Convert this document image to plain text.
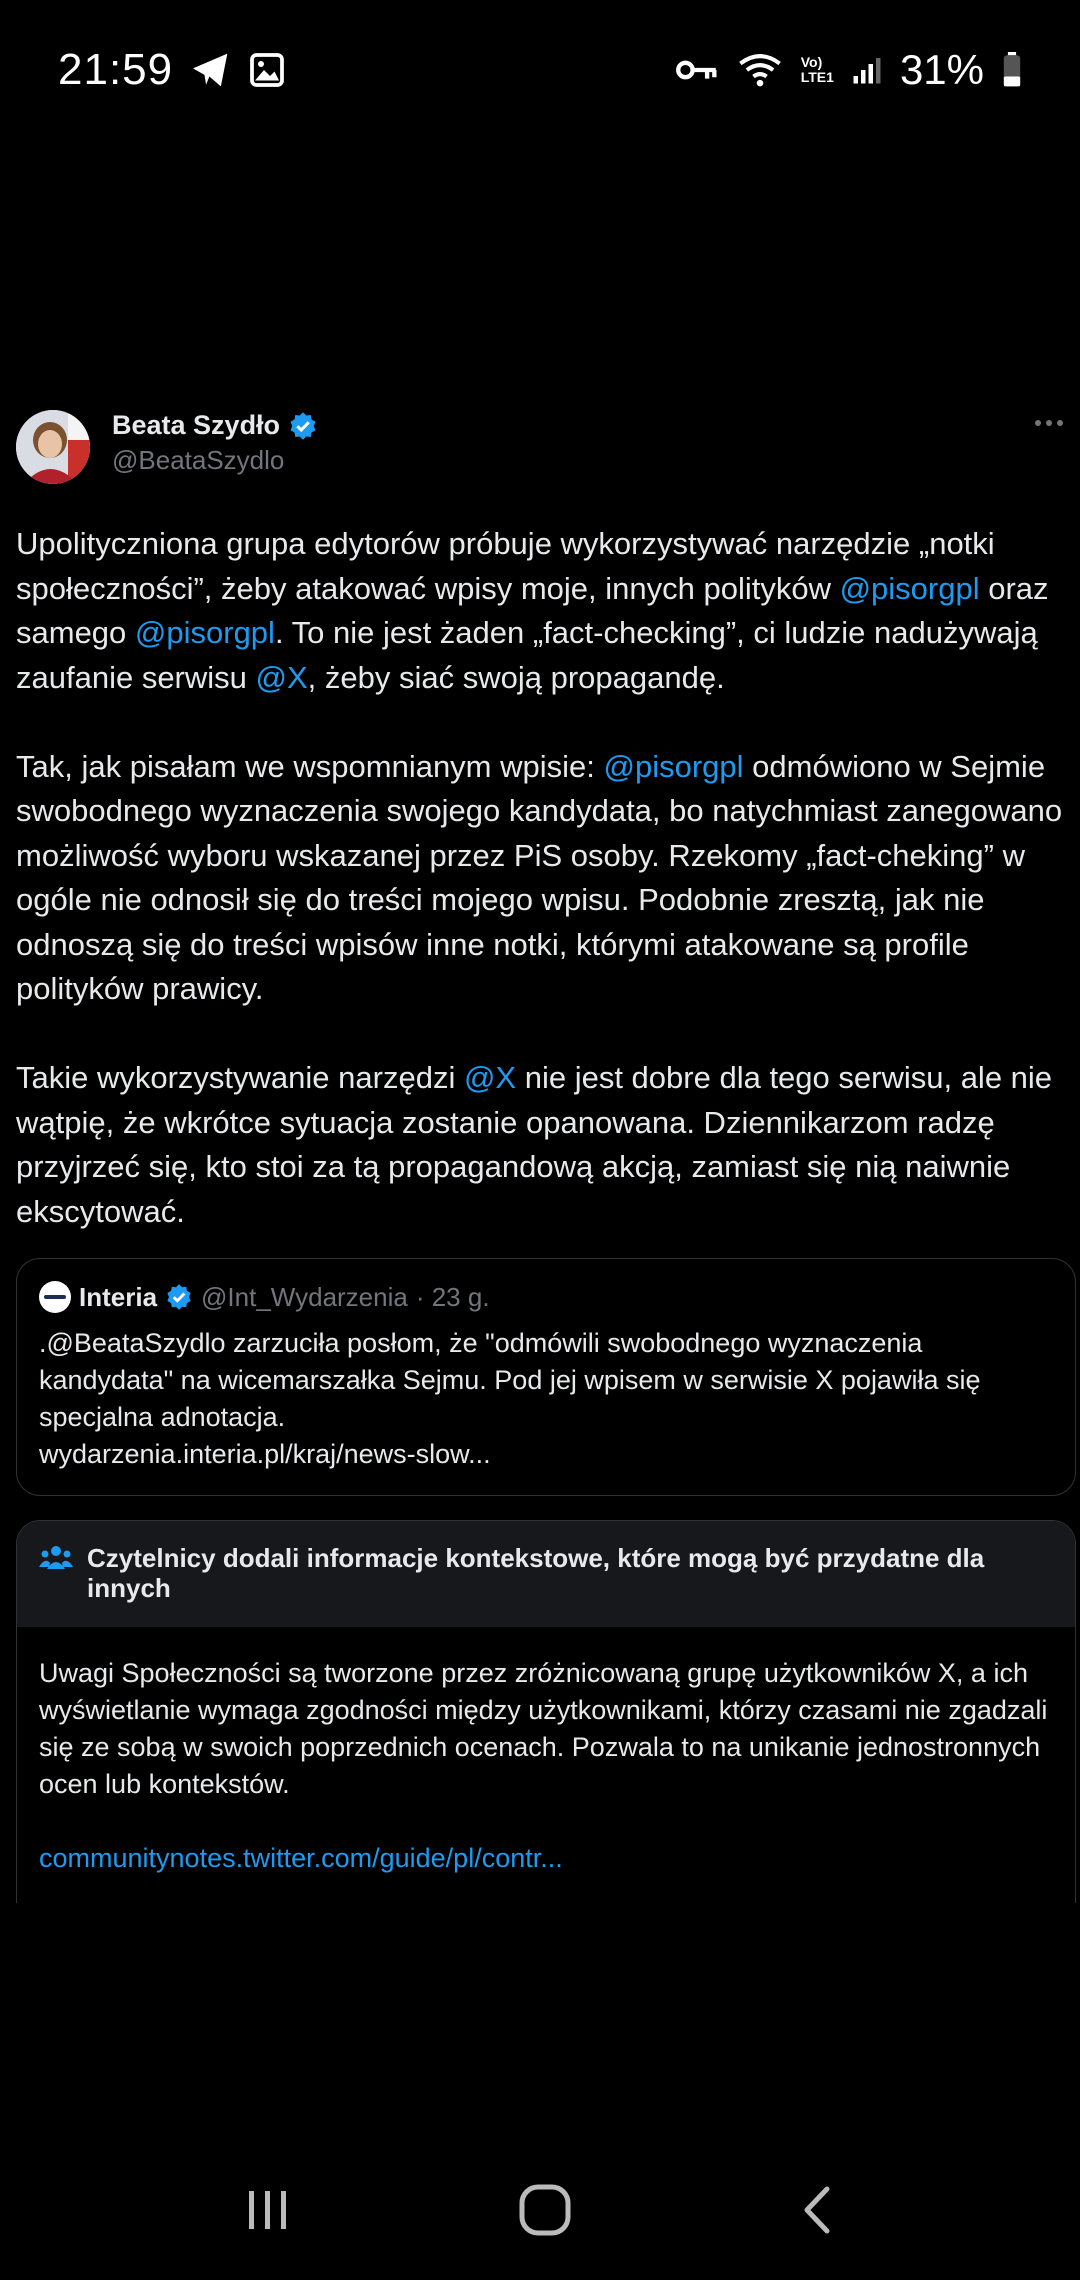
21:59	Vo)
LTE1 31%
Beata Szydło
@BeataSzydlo

Upolityczniona grupa edytorów próbuje wykorzystywać narzędzie „notki społeczności”, żeby atakować wpisy moje, innych polityków @pisorgpl oraz samego @pisorgpl. To nie jest żaden „fact-checking”, ci ludzie nadużywają zaufanie serwisu @X, żeby siać swoją propagandę.

Tak, jak pisałam we wspomnianym wpisie: @pisorgpl odmówiono w Sejmie swobodnego wyznaczenia swojego kandydata, bo natychmiast zanegowano możliwość wyboru wskazanej przez PiS osoby. Rzekomy „fact-cheking” w ogóle nie odnosił się do treści mojego wpisu. Podobnie zresztą, jak nie odnoszą się do treści wpisów inne notki, którymi atakowane są profile polityków prawicy.

Takie wykorzystywanie narzędzi @X nie jest dobre dla tego serwisu, ale nie wątpię, że wkrótce sytuacja zostanie opanowana. Dziennikarzom radzę przyjrzeć się, kto stoi za tą propagandową akcją, zamiast się nią naiwnie ekscytować.

Interia @Int_Wydarzenia · 23 g.
.@BeataSzydlo zarzuciła posłom, że "odmówili swobodnego wyznaczenia kandydata" na wicemarszałka Sejmu. Pod jej wpisem w serwisie X pojawiła się specjalna adnotacja.
wydarzenia.interia.pl/kraj/news-slow...
Czytelnicy dodali informacje kontekstowe, które mogą być przydatne dla innych
Uwagi Społeczności są tworzone przez zróżnicowaną grupę użytkowników X, a ich wyświetlanie wymaga zgodności między użytkownikami, którzy czasami nie zgadzali się ze sobą w swoich poprzednich ocenach. Pozwala to na unikanie jednostronnych ocen lub kontekstów.
communitynotes.twitter.com/guide/pl/contr...
